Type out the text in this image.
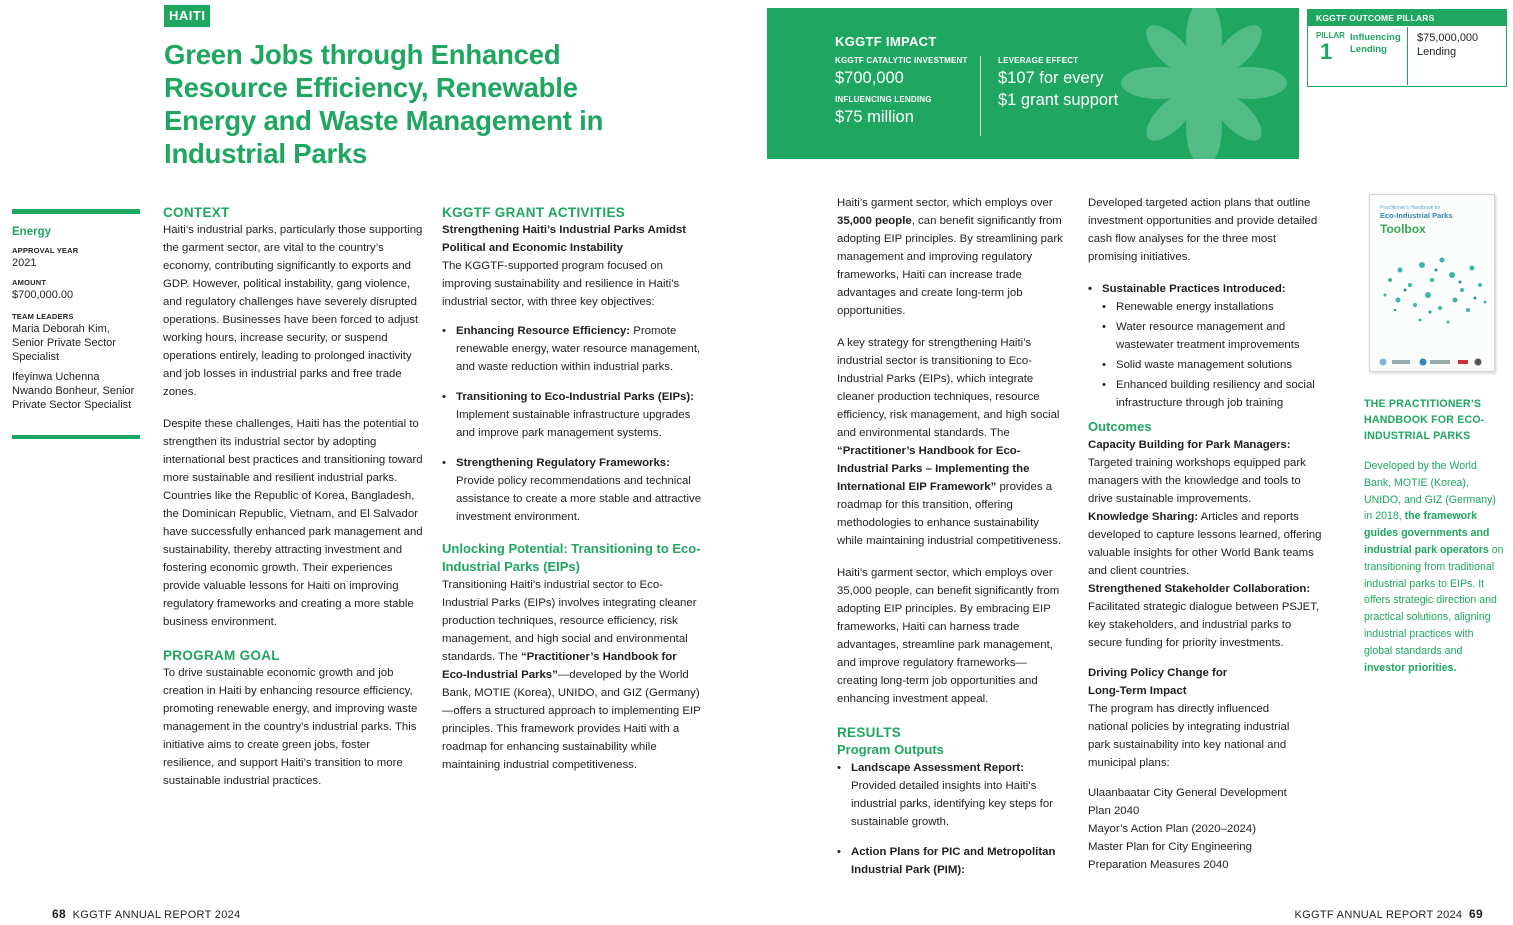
HAITI
Green Jobs through Enhanced Resource Efficiency, Renewable Energy and Waste Management in Industrial Parks
Energy
APPROVAL YEAR
2021
AMOUNT
$700,000.00
TEAM LEADERS
Maria Deborah Kim, Senior Private Sector Specialist
Ifeyinwa Uchenna Nwando Bonheur, Senior Private Sector Specialist
CONTEXT

Haiti’s industrial parks, particularly those supporting the garment sector, are vital to the country’s economy, contributing significantly to exports and GDP. However, political instability, gang violence, and regulatory challenges have severely disrupted operations. Businesses have been forced to adjust working hours, increase security, or suspend operations entirely, leading to prolonged inactivity and job losses in industrial parks and free trade zones.

Despite these challenges, Haiti has the potential to strengthen its industrial sector by adopting international best practices and transitioning toward more sustainable and resilient industrial parks. Countries like the Republic of Korea, Bangladesh, the Dominican Republic, Vietnam, and El Salvador have successfully enhanced park management and sustainability, thereby attracting investment and fostering economic growth. Their experiences provide valuable lessons for Haiti on improving regulatory frameworks and creating a more stable business environment.

PROGRAM GOAL

To drive sustainable economic growth and job creation in Haiti by enhancing resource efficiency, promoting renewable energy, and improving waste management in the country’s industrial parks. This initiative aims to create green jobs, foster resilience, and support Haiti’s transition to more sustainable industrial practices.

KGGTF GRANT ACTIVITIES

Strengthening Haiti’s Industrial Parks Amidst Political and Economic Instability

The KGGTF-supported program focused on improving sustainability and resilience in Haiti’s industrial sector, with three key objectives:

• Enhancing Resource Efficiency: Promote renewable energy, water resource management, and waste reduction within industrial parks.
• Transitioning to Eco-Industrial Parks (EIPs): Implement sustainable infrastructure upgrades and improve park management systems.
• Strengthening Regulatory Frameworks: Provide policy recommendations and technical assistance to create a more stable and attractive investment environment.
Unlocking Potential: Transitioning to Eco-Industrial Parks (EIPs)

Transitioning Haiti’s industrial sector to Eco-Industrial Parks (EIPs) involves integrating cleaner production techniques, resource efficiency, risk management, and high social and environmental standards. The “Practitioner’s Handbook for Eco-Industrial Parks”—developed by the World Bank, MOTIE (Korea), UNIDO, and GIZ (Germany)—offers a structured approach to implementing EIP principles. This framework provides Haiti with a roadmap for enhancing sustainability while maintaining industrial competitiveness.

KGGTF IMPACT
KGGTF CATALYTIC INVESTMENT
$700,000
INFLUENCING LENDING
$75 million
LEVERAGE EFFECT
$107 for every
$1 grant support
KGGTF OUTCOME PILLARS
PILLAR
1
Influencing
Lending
$75,000,000
Lending

Haiti’s garment sector, which employs over 35,000 people, can benefit significantly from adopting EIP principles. By streamlining park management and improving regulatory frameworks, Haiti can increase trade advantages and create long-term job opportunities.

A key strategy for strengthening Haiti’s industrial sector is transitioning to Eco-Industrial Parks (EIPs), which integrate cleaner production techniques, resource efficiency, risk management, and high social and environmental standards. The “Practitioner’s Handbook for Eco-Industrial Parks – Implementing the International EIP Framework” provides a roadmap for this transition, offering methodologies to enhance sustainability while maintaining industrial competitiveness.

Haiti’s garment sector, which employs over 35,000 people, can benefit significantly from adopting EIP principles. By embracing EIP frameworks, Haiti can harness trade advantages, streamline park management, and improve regulatory frameworks—creating long-term job opportunities and enhancing investment appeal.

RESULTS
Program Outputs
• Landscape Assessment Report:
Provided detailed insights into Haiti’s industrial parks, identifying key steps for sustainable growth.
• Action Plans for PIC and Metropolitan Industrial Park (PIM):

Developed targeted action plans that outline investment opportunities and provide detailed cash flow analyses for the three most promising initiatives.

• Sustainable Practices Introduced:
• Renewable energy installations
• Water resource management and wastewater treatment improvements
• Solid waste management solutions
• Enhanced building resiliency and social infrastructure through job training
Outcomes

Capacity Building for Park Managers:

Targeted training workshops equipped park managers with the knowledge and tools to drive sustainable improvements.

Knowledge Sharing: Articles and reports developed to capture lessons learned, offering valuable insights for other World Bank teams and client countries.

Strengthened Stakeholder Collaboration: Facilitated strategic dialogue between PSJET, key stakeholders, and industrial parks to secure funding for priority investments.

Driving Policy Change for Long-Term Impact

The program has directly influenced national policies by integrating industrial park sustainability into key national and municipal plans:

Ulaanbaatar City General Development Plan 2040
Mayor’s Action Plan (2020–2024)
Master Plan for City Engineering Preparation Measures 2040
Practitioner’s Handbook for
Eco-Industrial Parks
Toolbox
THE PRACTITIONER’S HANDBOOK FOR ECO-INDUSTRIAL PARKS

Developed by the World Bank, MOTIE (Korea), UNIDO, and GIZ (Germany) in 2018, the framework guides governments and industrial park operators on transitioning from traditional industrial parks to EIPs. It offers strategic direction and practical solutions, aligning industrial practices with global standards and investor priorities.

68 KGGTF ANNUAL REPORT 2024	KGGTF ANNUAL REPORT 2024 69
